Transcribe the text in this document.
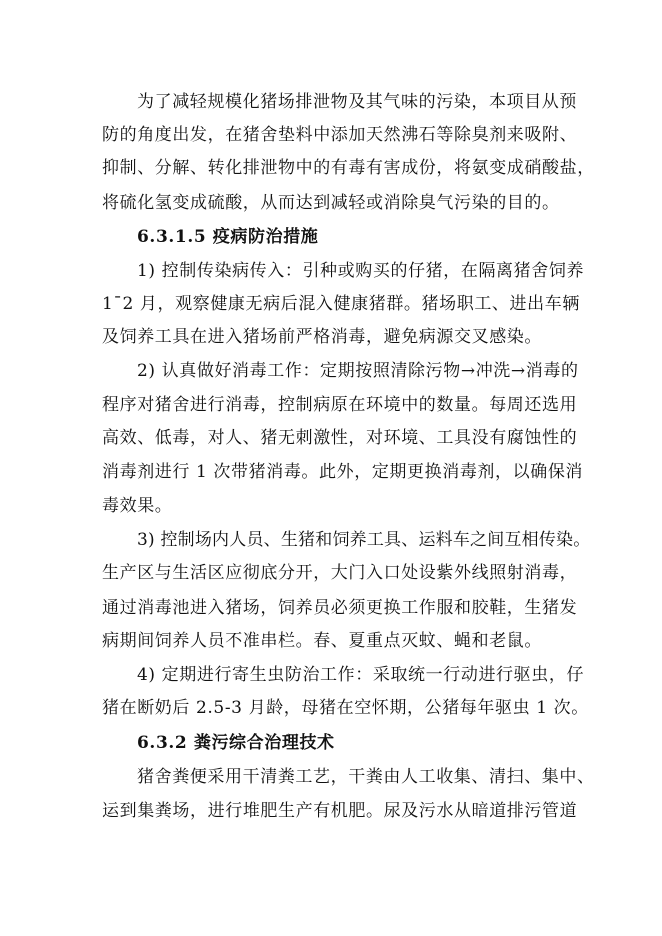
为了减轻规模化猪场排泄物及其气味的污染，本项目从预
防的角度出发，在猪舍垫料中添加天然沸石等除臭剂来吸附、
抑制、分解、转化排泄物中的有毒有害成份，将氨变成硝酸盐，
将硫化氢变成硫酸，从而达到减轻或消除臭气污染的目的。
6.3.1.5 疫病防治措施
1) 控制传染病传入：引种或购买的仔猪，在隔离猪舍饲养
1¯2 月，观察健康无病后混入健康猪群。猪场职工、进出车辆
及饲养工具在进入猪场前严格消毒，避免病源交叉感染。
2) 认真做好消毒工作：定期按照清除污物→冲洗→消毒的
程序对猪舍进行消毒，控制病原在环境中的数量。每周还选用
高效、低毒，对人、猪无刺激性，对环境、工具没有腐蚀性的
消毒剂进行 1 次带猪消毒。此外，定期更换消毒剂，以确保消
毒效果。
3) 控制场内人员、生猪和饲养工具、运料车之间互相传染。
生产区与生活区应彻底分开，大门入口处设紫外线照射消毒，
通过消毒池进入猪场，饲养员必须更换工作服和胶鞋，生猪发
病期间饲养人员不准串栏。春、夏重点灭蚊、蝇和老鼠。
4) 定期进行寄生虫防治工作：采取统一行动进行驱虫，仔
猪在断奶后 2.5-3 月龄，母猪在空怀期，公猪每年驱虫 1 次。
6.3.2 粪污综合治理技术
猪舍粪便采用干清粪工艺，干粪由人工收集、清扫、集中、
运到集粪场，进行堆肥生产有机肥。尿及污水从暗道排污管道
